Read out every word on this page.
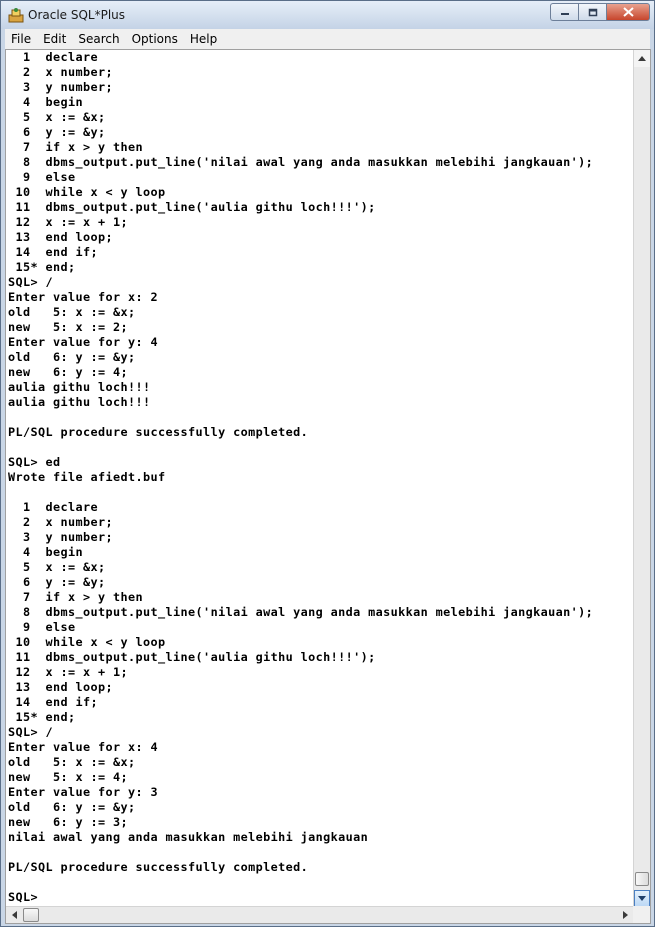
Oracle SQL*Plus
File	Edit	Search	Options	Help
1  declare
2  x number;
3  y number;
4  begin
5  x := &x;
6  y := &y;
7  if x > y then
8  dbms_output.put_line('nilai awal yang anda masukkan melebihi jangkauan');
9  else
10  while x < y loop
11  dbms_output.put_line('aulia githu loch!!!');
12  x := x + 1;
13  end loop;
14  end if;
15* end;
SQL> /
Enter value for x: 2
old   5: x := &x;
new   5: x := 2;
Enter value for y: 4
old   6: y := &y;
new   6: y := 4;
aulia githu loch!!!
aulia githu loch!!!
PL/SQL procedure successfully completed.
SQL> ed
Wrote file afiedt.buf
1  declare
2  x number;
3  y number;
4  begin
5  x := &x;
6  y := &y;
7  if x > y then
8  dbms_output.put_line('nilai awal yang anda masukkan melebihi jangkauan');
9  else
10  while x < y loop
11  dbms_output.put_line('aulia githu loch!!!');
12  x := x + 1;
13  end loop;
14  end if;
15* end;
SQL> /
Enter value for x: 4
old   5: x := &x;
new   5: x := 4;
Enter value for y: 3
old   6: y := &y;
new   6: y := 3;
nilai awal yang anda masukkan melebihi jangkauan
PL/SQL procedure successfully completed.
SQL>
